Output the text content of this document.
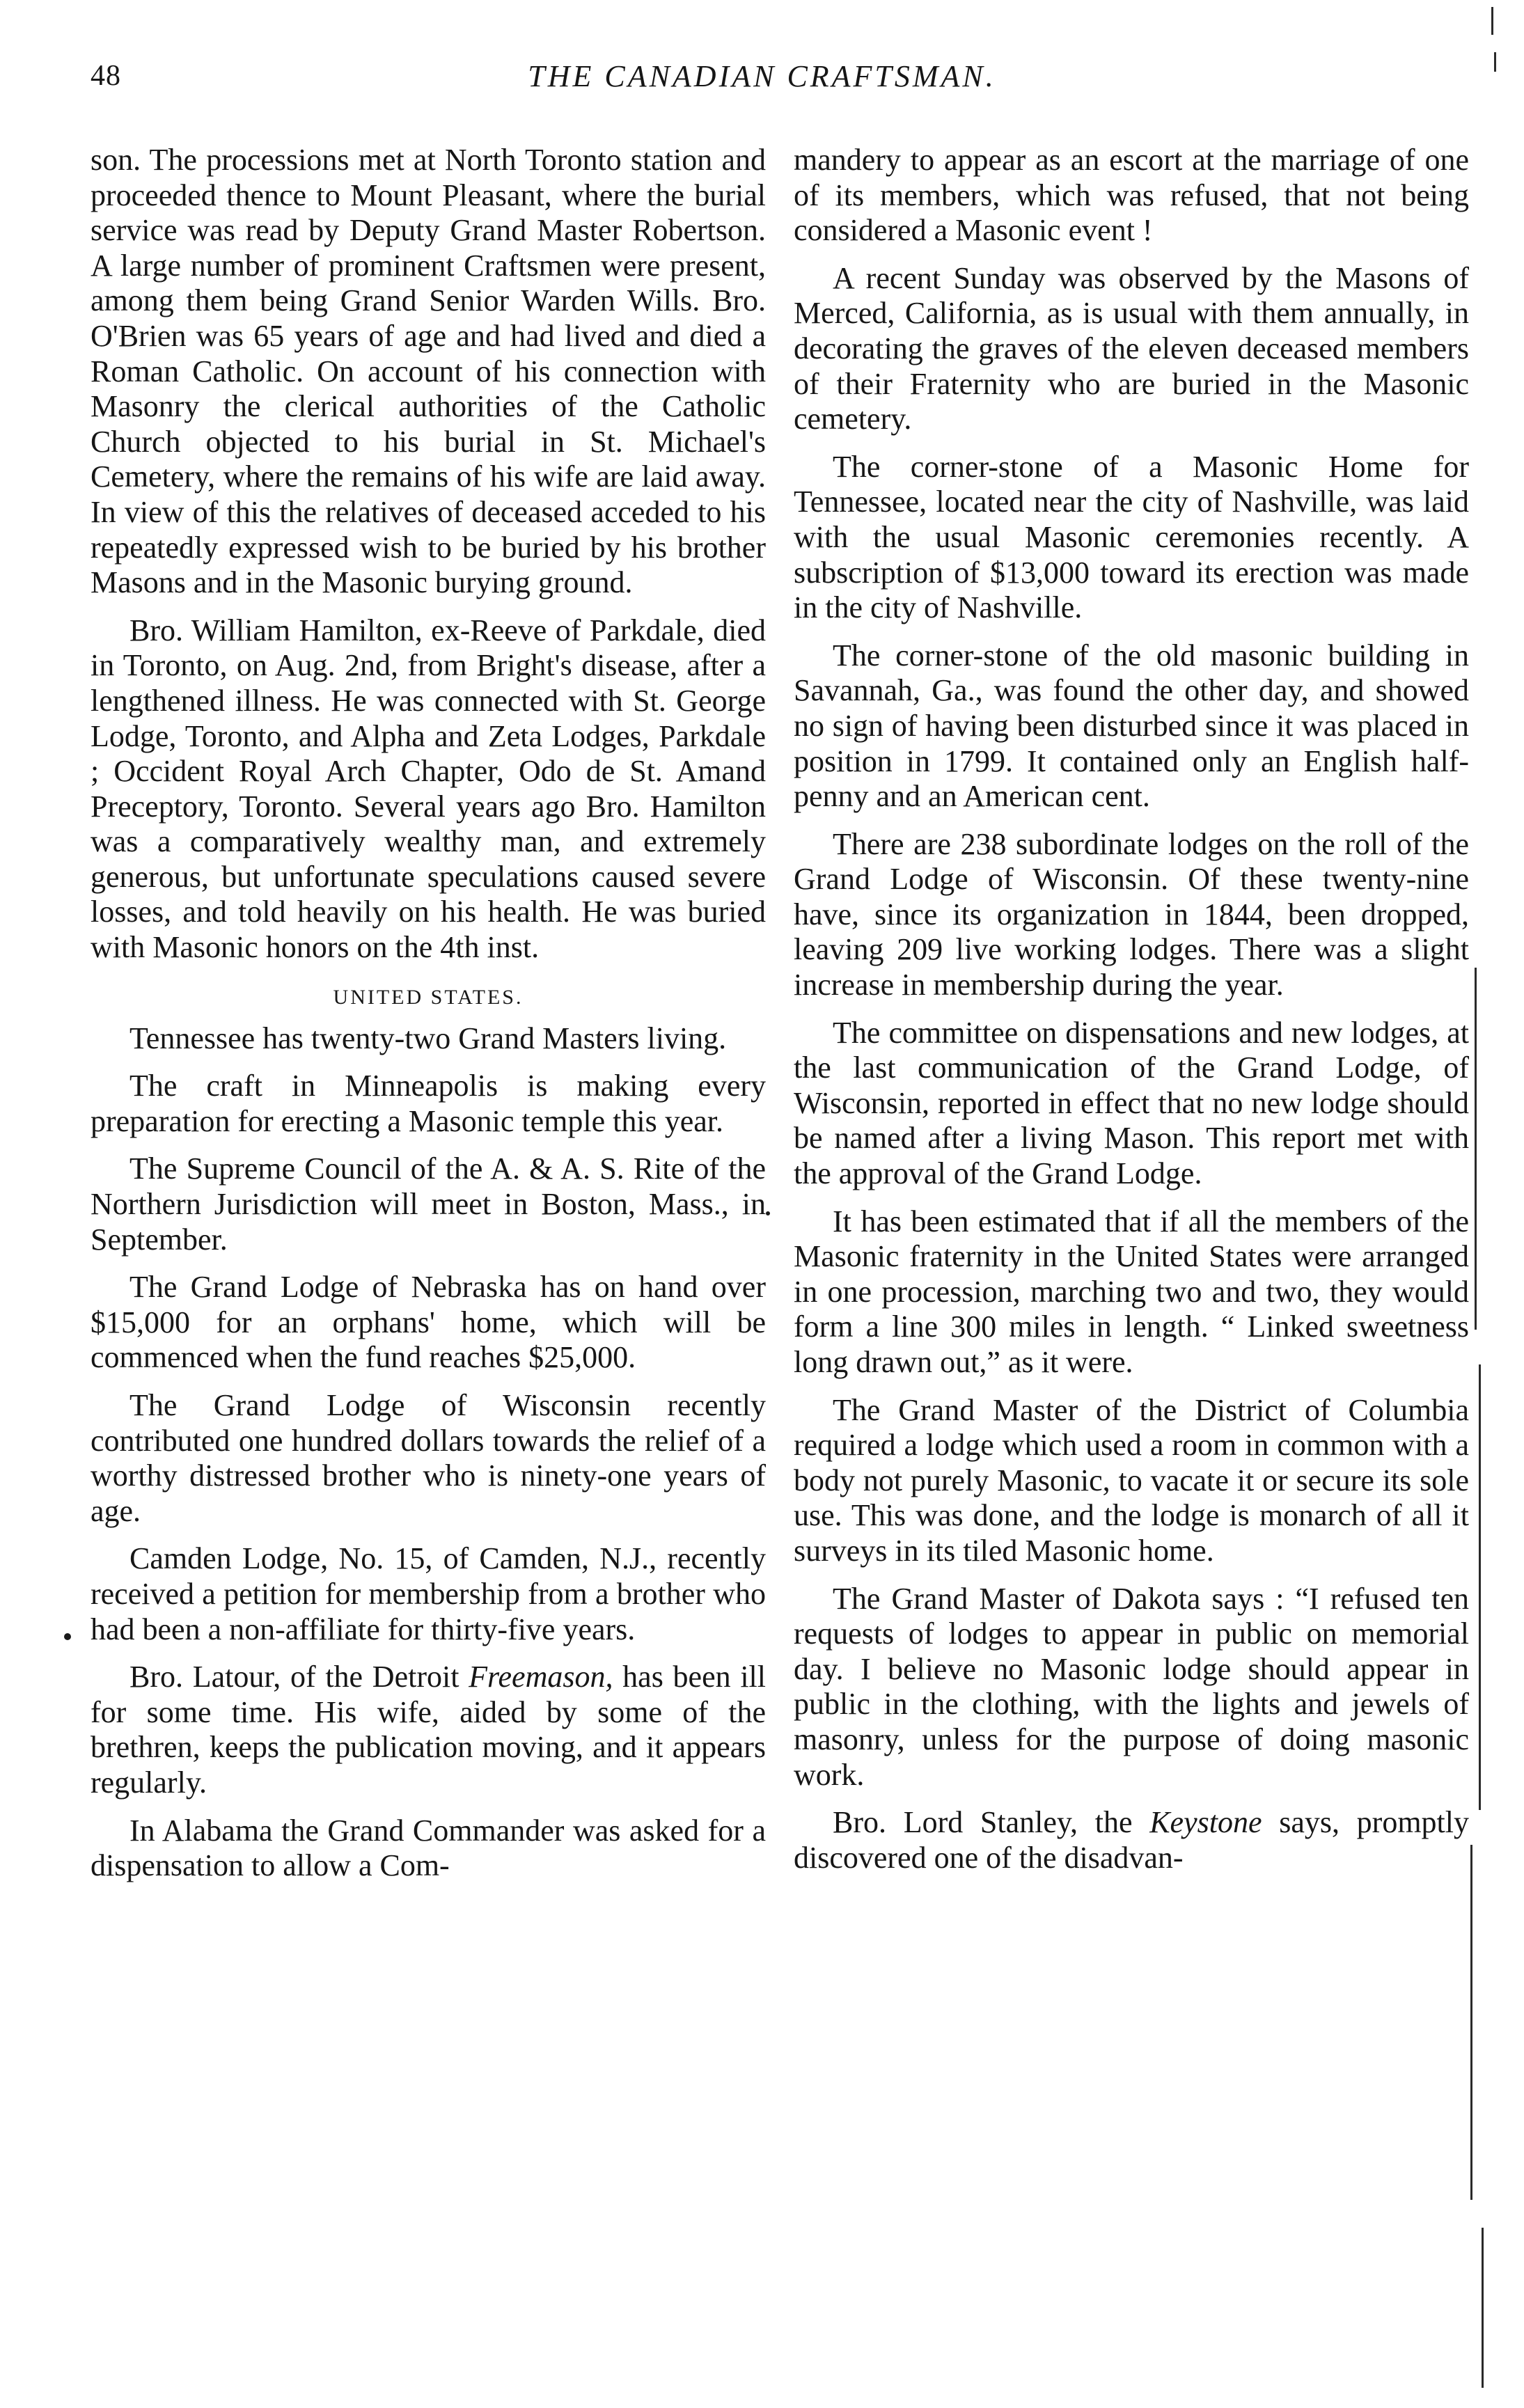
48	THE CANADIAN CRAFTSMAN.

son. The processions met at North Toronto station and proceeded thence to Mount Pleasant, where the burial service was read by Deputy Grand Master Robertson. A large number of prominent Craftsmen were present, among them being Grand Senior Warden Wills. Bro. O'Brien was 65 years of age and had lived and died a Roman Catholic. On account of his connection with Masonry the clerical authorities of the Catholic Church objected to his burial in St. Michael's Cemetery, where the remains of his wife are laid away. In view of this the relatives of deceased acceded to his repeatedly expressed wish to be buried by his brother Masons and in the Masonic burying ground.

Bro. William Hamilton, ex-Reeve of Parkdale, died in Toronto, on Aug. 2nd, from Bright's disease, after a lengthened illness. He was connected with St. George Lodge, Toronto, and Alpha and Zeta Lodges, Parkdale ; Occident Royal Arch Chapter, Odo de St. Amand Preceptory, Toronto. Several years ago Bro. Hamilton was a comparatively wealthy man, and extremely generous, but unfortunate speculations caused severe losses, and told heavily on his health. He was buried with Masonic honors on the 4th inst.

UNITED STATES.

Tennessee has twenty-two Grand Masters living.

The craft in Minneapolis is making every preparation for erecting a Masonic temple this year.

The Supreme Council of the A. & A. S. Rite of the Northern Jurisdiction will meet in Boston, Mass., in September.

The Grand Lodge of Nebraska has on hand over $15,000 for an orphans' home, which will be commenced when the fund reaches $25,000.

The Grand Lodge of Wisconsin recently contributed one hundred dollars towards the relief of a worthy distressed brother who is ninety-one years of age.

Camden Lodge, No. 15, of Camden, N.J., recently received a petition for membership from a brother who had been a non-affiliate for thirty-five years.

Bro. Latour, of the Detroit Freemason, has been ill for some time. His wife, aided by some of the brethren, keeps the publication moving, and it appears regularly.

In Alabama the Grand Commander was asked for a dispensation to allow a Com-

mandery to appear as an escort at the marriage of one of its members, which was refused, that not being considered a Masonic event !

A recent Sunday was observed by the Masons of Merced, California, as is usual with them annually, in decorating the graves of the eleven deceased members of their Fraternity who are buried in the Masonic cemetery.

The corner-stone of a Masonic Home for Tennessee, located near the city of Nashville, was laid with the usual Masonic ceremonies recently. A subscription of $13,000 toward its erection was made in the city of Nashville.

The corner-stone of the old masonic building in Savannah, Ga., was found the other day, and showed no sign of having been disturbed since it was placed in position in 1799. It contained only an English half-penny and an American cent.

There are 238 subordinate lodges on the roll of the Grand Lodge of Wisconsin. Of these twenty-nine have, since its organization in 1844, been dropped, leaving 209 live working lodges. There was a slight increase in membership during the year.

The committee on dispensations and new lodges, at the last communication of the Grand Lodge, of Wisconsin, reported in effect that no new lodge should be named after a living Mason. This report met with the approval of the Grand Lodge.

It has been estimated that if all the members of the Masonic fraternity in the United States were arranged in one procession, marching two and two, they would form a line 300 miles in length. “ Linked sweetness long drawn out,” as it were.

The Grand Master of the District of Columbia required a lodge which used a room in common with a body not purely Masonic, to vacate it or secure its sole use. This was done, and the lodge is monarch of all it surveys in its tiled Masonic home.

The Grand Master of Dakota says : “I refused ten requests of lodges to appear in public on memorial day. I believe no Masonic lodge should appear in public in the clothing, with the lights and jewels of masonry, unless for the purpose of doing masonic work.

Bro. Lord Stanley, the Keystone says, promptly discovered one of the disadvan-
